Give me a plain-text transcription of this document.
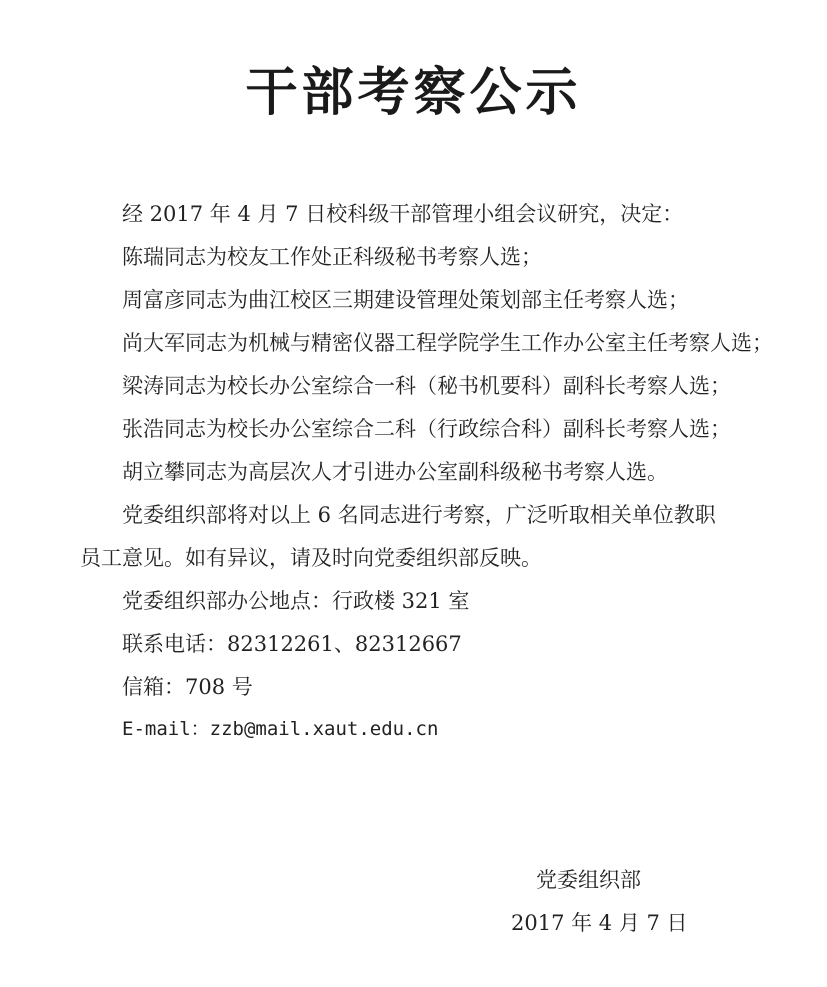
干部考察公示
经 2017 年 4 月 7 日校科级干部管理小组会议研究，决定：
陈瑞同志为校友工作处正科级秘书考察人选；
周富彦同志为曲江校区三期建设管理处策划部主任考察人选；
尚大军同志为机械与精密仪器工程学院学生工作办公室主任考察人选；
梁涛同志为校长办公室综合一科（秘书机要科）副科长考察人选；
张浩同志为校长办公室综合二科（行政综合科）副科长考察人选；
胡立攀同志为高层次人才引进办公室副科级秘书考察人选。
党委组织部将对以上 6 名同志进行考察，广泛听取相关单位教职
员工意见。如有异议，请及时向党委组织部反映。
党委组织部办公地点：行政楼 321 室
联系电话：82312261、82312667
信箱：708 号
E-mail：zzb@mail.xaut.edu.cn
党委组织部
2017 年 4 月 7 日
